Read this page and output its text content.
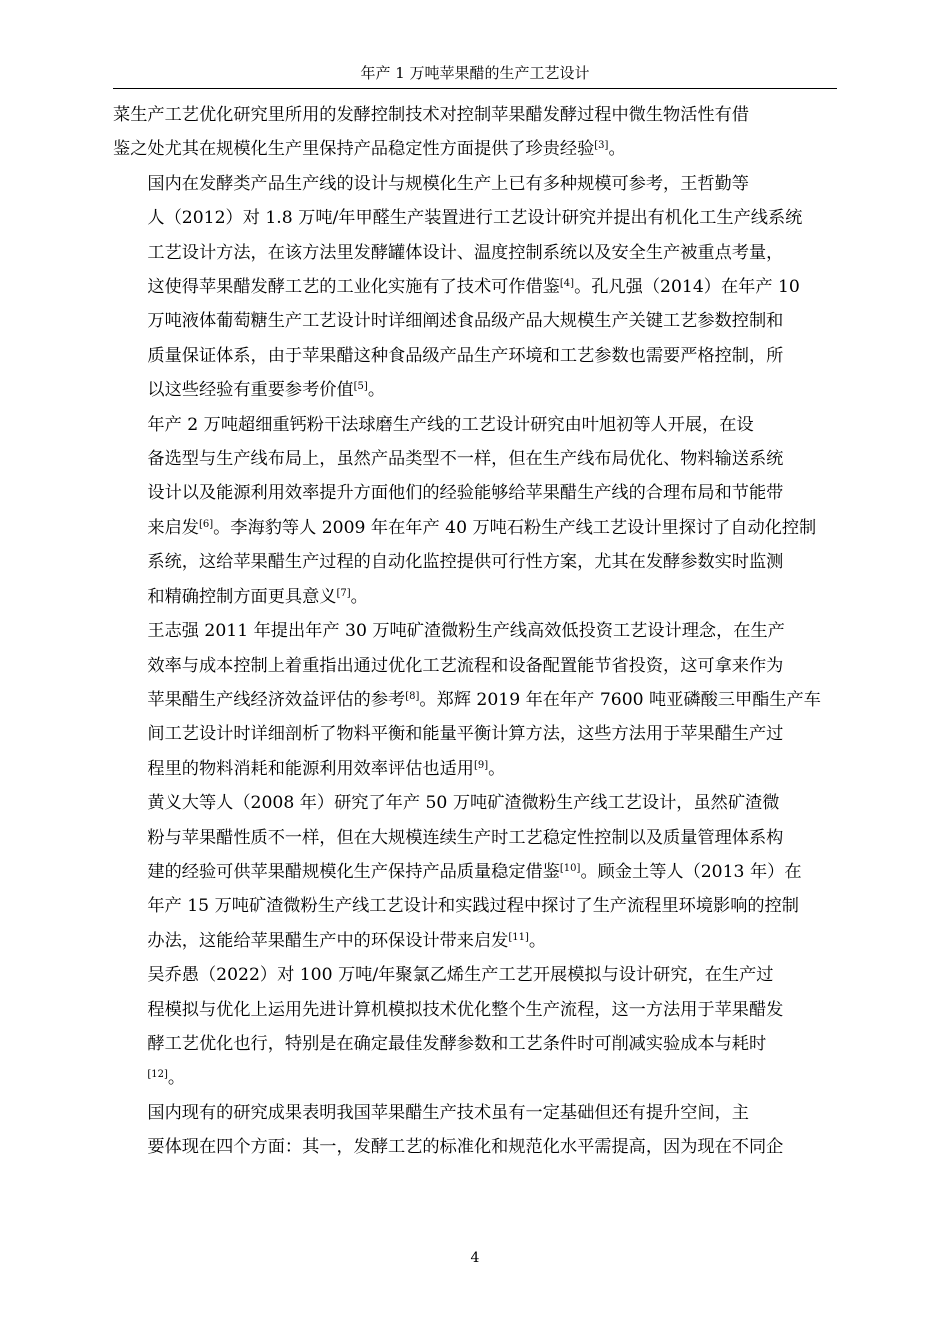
年产 1 万吨苹果醋的生产工艺设计

菜生产工艺优化研究里所用的发酵控制技术对控制苹果醋发酵过程中微生物活性有借
鉴之处尤其在规模化生产里保持产品稳定性方面提供了珍贵经验[3]。

国内在发酵类产品生产线的设计与规模化生产上已有多种规模可参考，王哲勤等
人（2012）对 1.8 万吨/年甲醛生产装置进行工艺设计研究并提出有机化工生产线系统
工艺设计方法，在该方法里发酵罐体设计、温度控制系统以及安全生产被重点考量，
这使得苹果醋发酵工艺的工业化实施有了技术可作借鉴[4]。孔凡强（2014）在年产 10
万吨液体葡萄糖生产工艺设计时详细阐述食品级产品大规模生产关键工艺参数控制和
质量保证体系，由于苹果醋这种食品级产品生产环境和工艺参数也需要严格控制，所
以这些经验有重要参考价值[5]。

年产 2 万吨超细重钙粉干法球磨生产线的工艺设计研究由叶旭初等人开展，在设
备选型与生产线布局上，虽然产品类型不一样，但在生产线布局优化、物料输送系统
设计以及能源利用效率提升方面他们的经验能够给苹果醋生产线的合理布局和节能带
来启发[6]。李海豹等人 2009 年在年产 40 万吨石粉生产线工艺设计里探讨了自动化控制
系统，这给苹果醋生产过程的自动化监控提供可行性方案，尤其在发酵参数实时监测
和精确控制方面更具意义[7]。

王志强 2011 年提出年产 30 万吨矿渣微粉生产线高效低投资工艺设计理念，在生产
效率与成本控制上着重指出通过优化工艺流程和设备配置能节省投资，这可拿来作为
苹果醋生产线经济效益评估的参考[8]。郑辉 2019 年在年产 7600 吨亚磷酸三甲酯生产车
间工艺设计时详细剖析了物料平衡和能量平衡计算方法，这些方法用于苹果醋生产过
程里的物料消耗和能源利用效率评估也适用[9]。

黄义大等人（2008 年）研究了年产 50 万吨矿渣微粉生产线工艺设计，虽然矿渣微
粉与苹果醋性质不一样，但在大规模连续生产时工艺稳定性控制以及质量管理体系构
建的经验可供苹果醋规模化生产保持产品质量稳定借鉴[10]。顾金土等人（2013 年）在
年产 15 万吨矿渣微粉生产线工艺设计和实践过程中探讨了生产流程里环境影响的控制
办法，这能给苹果醋生产中的环保设计带来启发[11]。

吴乔愚（2022）对 100 万吨/年聚氯乙烯生产工艺开展模拟与设计研究，在生产过
程模拟与优化上运用先进计算机模拟技术优化整个生产流程，这一方法用于苹果醋发
酵工艺优化也行，特别是在确定最佳发酵参数和工艺条件时可削减实验成本与耗时
[12]。

国内现有的研究成果表明我国苹果醋生产技术虽有一定基础但还有提升空间，主
要体现在四个方面：其一，发酵工艺的标准化和规范化水平需提高，因为现在不同企

4
